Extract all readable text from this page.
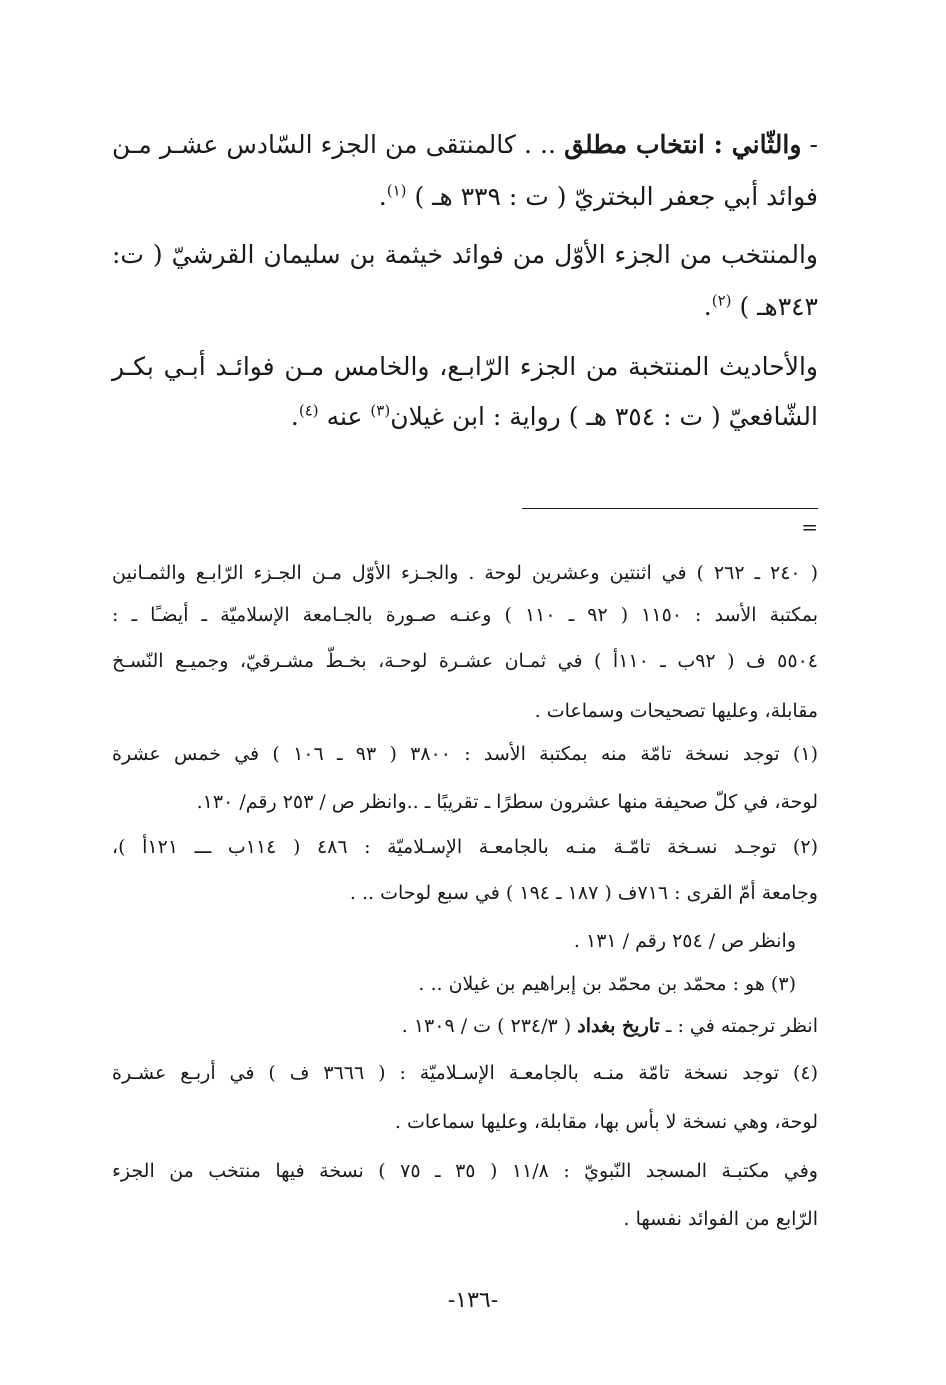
- والثّاني : انتخاب مطلق .. . كالمنتقى من الجزء السّادس عشـر مـن
فوائد أبي جعفر البختريّ ( ت : ٣٣٩ هـ ) $^{(١)}$.
والمنتخب من الجزء الأوّل من فوائد خيثمة بن سليمان القرشيّ ( ت:
٣٤٣هـ ) $^{(٢)}$.
والأحاديث المنتخبة من الجزء الرّابـع، والخامس مـن فوائـد أبـي بكـر
الشّافعيّ ( ت : ٣٥٤ هـ ) رواية : ابن غيلان$^{(٣)}$ عنه $^{(٤)}$.
=
( ٢٤٠ ـ ٢٦٢ ) في اثنتين وعشرين لوحة . والجـزء الأوّل مـن الجـزء الرّابـع والثمـانين
بمكتبة الأسد : ١١٥٠ ( ٩٢ ـ ١١٠ ) وعنـه صـورة بالجـامعة الإسلاميّة ـ أيضـًا ـ :
٥٥٠٤ ف ( ٩٢ب ـ ١١٠أ ) في ثمـان عشـرة لوحـة، بخـطّ مشـرقيّ، وجميـع النّسـخ
مقابلة، وعليها تصحيحات وسماعات .
(١) توجد نسخة تامّة منه بمكتبة الأسد : ٣٨٠٠ ( ٩٣ ـ ١٠٦ ) في خمس عشرة
لوحة، في كلّ صحيفة منها عشرون سطرًا ـ تقريبًا ـ ..وانظر ص / ٢٥٣ رقم/ ١٣٠.
(٢) توجـد نسـخة تامّـة منـه بالجامعـة الإسـلاميّة : ٤٨٦ ( ١١٤ب ـــ ١٢١أ )،
وجامعة أمّ القرى : ٧١٦ف ( ١٨٧ ـ ١٩٤ ) في سبع لوحات .. .
وانظر ص / ٢٥٤ رقم / ١٣١ .
(٣) هو : محمّد بن محمّد بن إبراهيم بن غيلان .. .
انظر ترجمته في : ـ تاريخ بغداد ( ٢٣٤/٣ ) ت / ١٣٠٩ .
(٤) توجد نسخة تامّة منـه بالجامعـة الإسـلاميّة : ( ٣٦٦٦ ف ) في أربـع عشـرة
لوحة، وهي نسخة لا بأس بها، مقابلة، وعليها سماعات .
وفي مكتبـة المسجد النّبويّ : ١١/٨ ( ٣٥ ـ ٧٥ ) نسخة فيها منتخب من الجزء
الرّابع من الفوائد نفسها .
-١٣٦-
